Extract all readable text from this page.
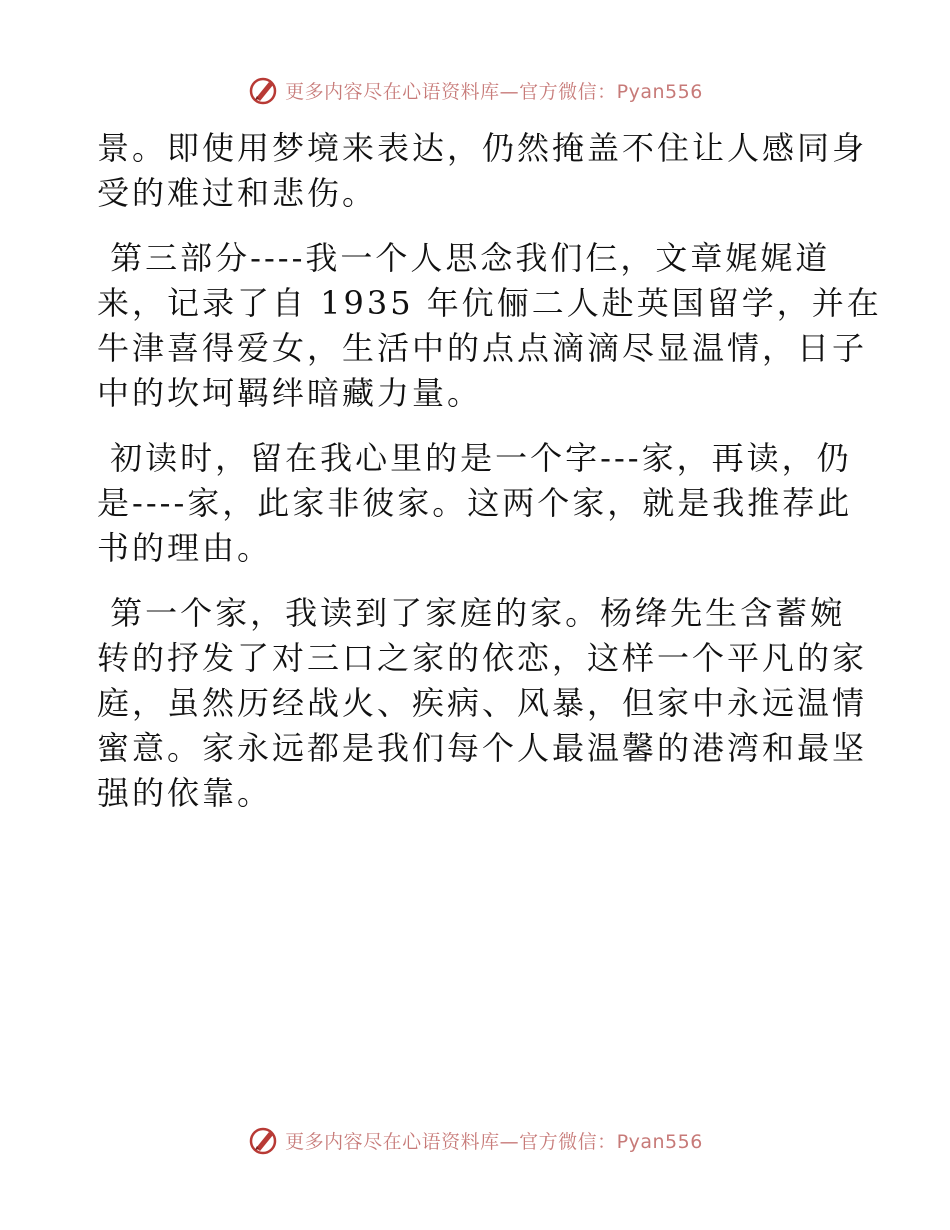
更多内容尽在心语资料库—官方微信：Pyan556

景。即使用梦境来表达，仍然掩盖不住让人感同身
受的难过和悲伤。

第三部分----我一个人思念我们仨，文章娓娓道
来，记录了自 1935 年伉俪二人赴英国留学，并在
牛津喜得爱女，生活中的点点滴滴尽显温情，日子
中的坎坷羁绊暗藏力量。

初读时，留在我心里的是一个字---家，再读，仍
是----家，此家非彼家。这两个家，就是我推荐此
书的理由。

第一个家，我读到了家庭的家。杨绛先生含蓄婉
转的抒发了对三口之家的依恋，这样一个平凡的家
庭，虽然历经战火、疾病、风暴，但家中永远温情
蜜意。家永远都是我们每个人最温馨的港湾和最坚
强的依靠。

更多内容尽在心语资料库—官方微信：Pyan556
